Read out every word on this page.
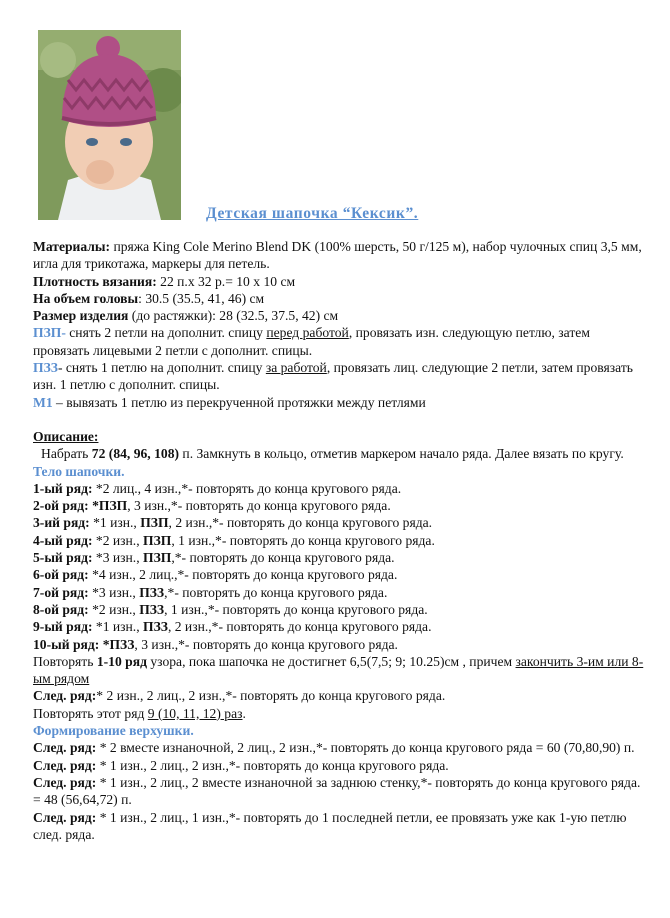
Детская шапочка “Кексик”.

Материалы: пряжа King Cole Merino Blend DK (100% шерсть, 50 г/125 м), набор чулочных спиц 3,5 мм, игла для трикотажа, маркеры для петель.

Плотность вязания: 22 п.х 32 р.= 10 х 10 см

На объем головы: 30.5 (35.5, 41, 46) см

Размер изделия (до растяжки): 28 (32.5, 37.5, 42) см

ПЗП- снять 2 петли на дополнит. спицу перед работой, провязать изн. следующую петлю, затем провязать лицевыми 2 петли с дополнит. спицы.

ПЗЗ- снять 1 петлю на дополнит. спицу за работой, провязать лиц. следующие 2 петли, затем провязать изн. 1 петлю с дополнит. спицы.

М1 – вывязать 1 петлю из перекрученной протяжки между петлями

Описание:

Набрать 72 (84, 96, 108) п. Замкнуть в кольцо, отметив маркером начало ряда. Далее вязать по кругу.

Тело шапочки.

1-ый ряд: *2 лиц., 4 изн.,*- повторять до конца кругового ряда.

2-ой ряд: *ПЗП, 3 изн.,*- повторять до конца кругового ряда.

3-ий ряд: *1 изн., ПЗП, 2 изн.,*- повторять до конца кругового ряда.

4-ый ряд: *2 изн., ПЗП, 1 изн.,*- повторять до конца кругового ряда.

5-ый ряд: *3 изн., ПЗП,*- повторять до конца кругового ряда.

6-ой ряд: *4 изн., 2 лиц.,*- повторять до конца кругового ряда.

7-ой ряд: *3 изн., ПЗЗ,*- повторять до конца кругового ряда.

8-ой ряд: *2 изн., ПЗЗ, 1 изн.,*- повторять до конца кругового ряда.

9-ый ряд: *1 изн., ПЗЗ, 2 изн.,*- повторять до конца кругового ряда.

10-ый ряд: *ПЗЗ, 3 изн.,*- повторять до конца кругового ряда.

Повторять 1-10 ряд узора, пока шапочка не достигнет 6,5(7,5; 9; 10.25)см , причем закончить 3-им или 8-ым рядом

След. ряд:* 2 изн., 2 лиц., 2 изн.,*- повторять до конца кругового ряда.

Повторять этот ряд 9 (10, 11, 12) раз.

Формирование верхушки.

След. ряд: * 2 вместе изнаночной, 2 лиц., 2 изн.,*- повторять до конца кругового ряда = 60 (70,80,90) п.

След. ряд: * 1 изн., 2 лиц., 2 изн.,*- повторять до конца кругового ряда.

След. ряд: * 1 изн., 2 лиц., 2 вместе изнаночной за заднюю стенку,*- повторять до конца кругового ряда. = 48 (56,64,72) п.

След. ряд: * 1 изн., 2 лиц., 1 изн.,*- повторять до 1 последней петли, ее провязать уже как 1-ую петлю след. ряда.
